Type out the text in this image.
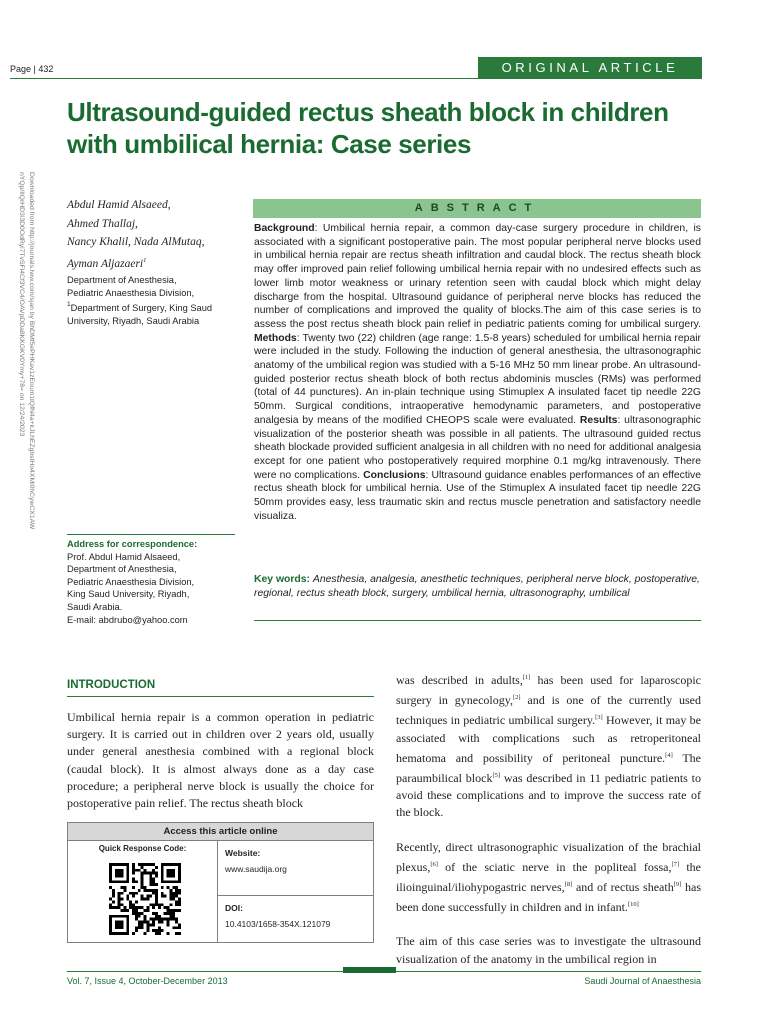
Page | 432	ORIGINAL ARTICLE
Ultrasound-guided rectus sheath block in children with umbilical hernia: Case series
Downloaded from http://journals.lww.com/sjan by BhDMf5ePHKav1zEoum1tQfN4a+kJLhEZgbsIHo4XMi0hCywCX1AW
nYQp/IlQrHD3i3D0OdRyi7TvSFl4Cf3VC4/OAVpDDa8KKGKV0Ymy+78= on 12/24/2023	Abdul Hamid Alsaeed,
Ahmed Thallaj,
Nancy Khalil, Nada AlMutaq,
Ayman Aljazaeri$^1$
Department of Anesthesia,
Pediatric Anaesthesia Division,
$^1$Department of Surgery, King Saud
University, Riyadh, Saudi Arabia
Address for correspondence:
Prof. Abdul Hamid Alsaeed,
Department of Anesthesia,
Pediatric Anaesthesia Division,
King Saud University, Riyadh,
Saudi Arabia.
E-mail: abdrubo@yahoo.com
ABSTRACT
Background: Umbilical hernia repair, a common day-case surgery procedure in children, is associated with a significant postoperative pain. The most popular peripheral nerve blocks used in umbilical hernia repair are rectus sheath infiltration and caudal block. The rectus sheath block may offer improved pain relief following umbilical hernia repair with no undesired effects such as lower limb motor weakness or urinary retention seen with caudal block which might delay discharge from the hospital. Ultrasound guidance of peripheral nerve blocks has reduced the number of complications and improved the quality of blocks.The aim of this case series is to assess the post rectus sheath block pain relief in pediatric patients coming for umbilical surgery. Methods: Twenty two (22) children (age range: 1.5-8 years) scheduled for umbilical hernia repair were included in the study. Following the induction of general anesthesia, the ultrasonographic anatomy of the umbilical region was studied with a 5-16 MHz 50 mm linear probe. An ultrasound-guided posterior rectus sheath block of both rectus abdominis muscles (RMs) was performed (total of 44 punctures). An in-plain technique using Stimuplex A insulated facet tip needle 22G 50mm. Surgical conditions, intraoperative hemodynamic parameters, and postoperative analgesia by means of the modified CHEOPS scale were evaluated. Results: ultrasonographic visualization of the posterior sheath was possible in all patients. The ultrasound guided rectus sheath blockade provided sufficient analgesia in all children with no need for additional analgesia except for one patient who postoperatively required morphine 0.1 mg/kg intravenously. There were no complications. Conclusions: Ultrasound guidance enables performances of an effective rectus sheath block for umbilical hernia. Use of the Stimuplex A insulated facet tip needle 22G 50mm provides easy, less traumatic skin and rectus muscle penetration and satisfactory needle visualiza.
Key words: Anesthesia, analgesia, anesthetic techniques, peripheral nerve block, postoperative, regional, rectus sheath block, surgery, umbilical hernia, ultrasonography, umbilical
INTRODUCTION
Umbilical hernia repair is a common operation in pediatric surgery. It is carried out in children over 2 years old, usually under general anesthesia combined with a regional block (caudal block). It is almost always done as a day case procedure; a peripheral nerve block is usually the choice for postoperative pain relief. The rectus sheath block

was described in adults,[1] has been used for laparoscopic surgery in gynecology,[2] and is one of the currently used techniques in pediatric umbilical surgery.[3] However, it may be associated with complications such as retroperitoneal hematoma and possibility of peritoneal puncture.[4] The paraumbilical block[5] was described in 11 pediatric patients to avoid these complications and to improve the success rate of the block.

Recently, direct ultrasonographic visualization of the brachial plexus,[6] of the sciatic nerve in the popliteal fossa,[7] the ilioinguinal/iliohypogastric nerves,[8] and of rectus sheath[9] has been done successfully in children and in infant.[10]

The aim of this case series was to investigate the ultrasound visualization of the anatomy in the umbilical region in

Access this article online
Quick Response Code:	Website:
www.saudija.org
DOI:
10.4103/1658-354X.121079
Vol. 7, Issue 4, October-December 2013	Saudi Journal of Anaesthesia
